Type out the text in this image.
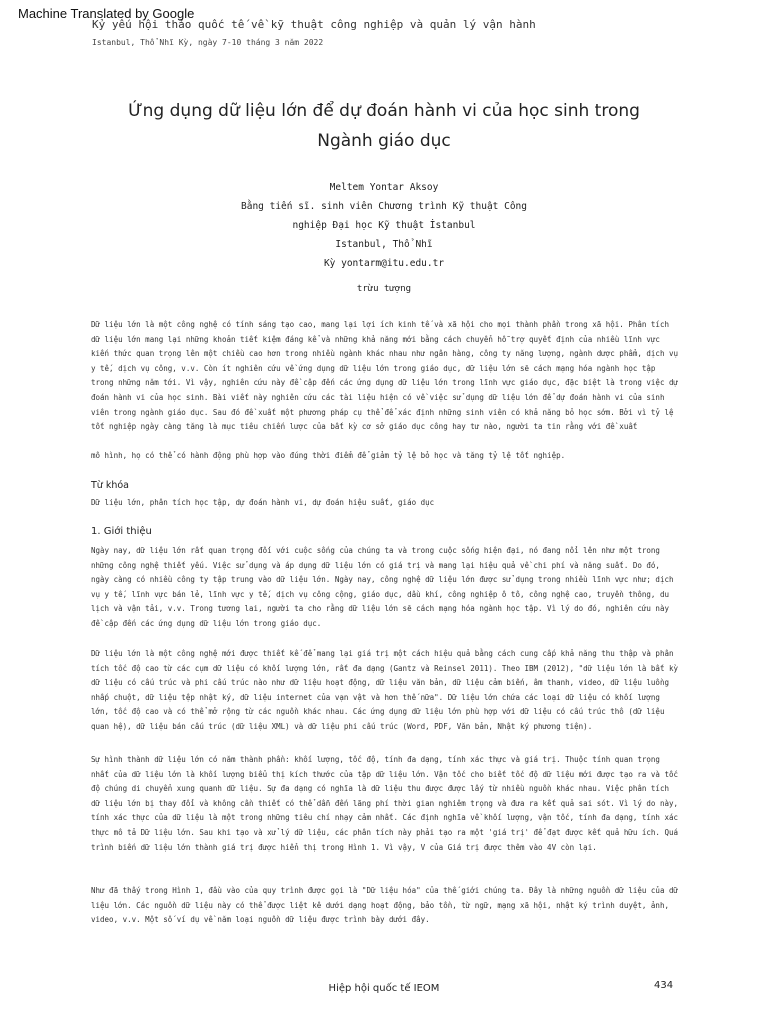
Machine Translated by Google
Kỷ yếu hội thảo quốc tế về kỹ thuật công nghiệp và quản lý vận hành
Istanbul, Thổ Nhĩ Kỳ, ngày 7-10 tháng 3 năm 2022
Ứng dụng dữ liệu lớn để dự đoán hành vi của học sinh trong
Ngành giáo dục
Meltem Yontar Aksoy
Bằng tiến sĩ. sinh viên Chương trình Kỹ thuật Công
nghiệp Đại học Kỹ thuật İstanbul
Istanbul, Thổ Nhĩ
Kỳ yontarm@itu.edu.tr
trừu tượng

Dữ liệu lớn là một công nghệ có tính sáng tạo cao, mang lại lợi ích kinh tế và xã hội cho mọi thành phần trong xã hội. Phân tích dữ liệu lớn mang lại những khoản tiết kiệm đáng kể và những khả năng mới bằng cách chuyển hỗ trợ quyết định của nhiều lĩnh vực kiến thức quan trọng lên một chiều cao hơn trong nhiều ngành khác nhau như ngân hàng, công ty năng lượng, ngành dược phẩm, dịch vụ y tế, dịch vụ công, v.v. Còn ít nghiên cứu về ứng dụng dữ liệu lớn trong giáo dục, dữ liệu lớn sẽ cách mạng hóa ngành học tập trong những năm tới. Vì vậy, nghiên cứu này đề cập đến các ứng dụng dữ liệu lớn trong lĩnh vực giáo dục, đặc biệt là trong việc dự đoán hành vi của học sinh. Bài viết này nghiên cứu các tài liệu hiện có về việc sử dụng dữ liệu lớn để dự đoán hành vi của sinh viên trong ngành giáo dục. Sau đó đề xuất một phương pháp cụ thể để xác định những sinh viên có khả năng bỏ học sớm. Bởi vì tỷ lệ tốt nghiệp ngày càng tăng là mục tiêu chiến lược của bất kỳ cơ sở giáo dục công hay tư nào, người ta tin rằng với đề xuất

mô hình, họ có thể có hành động phù hợp vào đúng thời điểm để giảm tỷ lệ bỏ học và tăng tỷ lệ tốt nghiệp.

Từ khóa

Dữ liệu lớn, phân tích học tập, dự đoán hành vi, dự đoán hiệu suất, giáo dục

1. Giới thiệu

Ngày nay, dữ liệu lớn rất quan trọng đối với cuộc sống của chúng ta và trong cuộc sống hiện đại, nó đang nổi lên như một trong những công nghệ thiết yếu. Việc sử dụng và áp dụng dữ liệu lớn có giá trị và mang lại hiệu quả về chi phí và năng suất. Do đó, ngày càng có nhiều công ty tập trung vào dữ liệu lớn. Ngày nay, công nghệ dữ liệu lớn được sử dụng trong nhiều lĩnh vực như; dịch vụ y tế, lĩnh vực bán lẻ, lĩnh vực y tế, dịch vụ công cộng, giáo dục, dầu khí, công nghiệp ô tô, công nghệ cao, truyền thông, du lịch và vận tải, v.v. Trong tương lai, người ta cho rằng dữ liệu lớn sẽ cách mạng hóa ngành học tập. Vì lý do đó, nghiên cứu này đề cập đến các ứng dụng dữ liệu lớn trong giáo dục.

Dữ liệu lớn là một công nghệ mới được thiết kế để mang lại giá trị một cách hiệu quả bằng cách cung cấp khả năng thu thập và phân tích tốc độ cao từ các cụm dữ liệu có khối lượng lớn, rất đa dạng (Gantz và Reinsel 2011). Theo IBM (2012), "dữ liệu lớn là bất kỳ dữ liệu có cấu trúc và phi cấu trúc nào như dữ liệu hoạt động, dữ liệu văn bản, dữ liệu cảm biến, âm thanh, video, dữ liệu luồng nhấp chuột, dữ liệu tệp nhật ký, dữ liệu internet của vạn vật và hơn thế nữa". Dữ liệu lớn chứa các loại dữ liệu có khối lượng lớn, tốc độ cao và có thể mở rộng từ các nguồn khác nhau. Các ứng dụng dữ liệu lớn phù hợp với dữ liệu có cấu trúc thô (dữ liệu quan hệ), dữ liệu bán cấu trúc (dữ liệu XML) và dữ liệu phi cấu trúc (Word, PDF, Văn bản, Nhật ký phương tiện).

Sự hình thành dữ liệu lớn có năm thành phần: khối lượng, tốc độ, tính đa dạng, tính xác thực và giá trị. Thuộc tính quan trọng nhất của dữ liệu lớn là khối lượng biểu thị kích thước của tập dữ liệu lớn. Vận tốc cho biết tốc độ dữ liệu mới được tạo ra và tốc độ chúng di chuyển xung quanh dữ liệu. Sự đa dạng có nghĩa là dữ liệu thu được được lấy từ nhiều nguồn khác nhau. Việc phân tích dữ liệu lớn bị thay đổi và không cần thiết có thể dẫn đến lãng phí thời gian nghiêm trọng và đưa ra kết quả sai sót. Vì lý do này, tính xác thực của dữ liệu là một trong những tiêu chí nhạy cảm nhất. Các định nghĩa về khối lượng, vận tốc, tính đa dạng, tính xác thực mô tả Dữ liệu lớn. Sau khi tạo và xử lý dữ liệu, các phân tích này phải tạo ra một 'giá trị' để đạt được kết quả hữu ích. Quá trình biến dữ liệu lớn thành giá trị được hiển thị trong Hình 1. Vì vậy, V của Giá trị được thêm vào 4V còn lại.

Như đã thấy trong Hình 1, đầu vào của quy trình được gọi là "Dữ liệu hóa" của thế giới chúng ta. Đây là những nguồn dữ liệu của dữ liệu lớn. Các nguồn dữ liệu này có thể được liệt kê dưới dạng hoạt động, bảo tồn, từ ngữ, mạng xã hội, nhật ký trình duyệt, ảnh, video, v.v. Một số ví dụ về năm loại nguồn dữ liệu được trình bày dưới đây.

Hiệp hội quốc tế IEOM	434
